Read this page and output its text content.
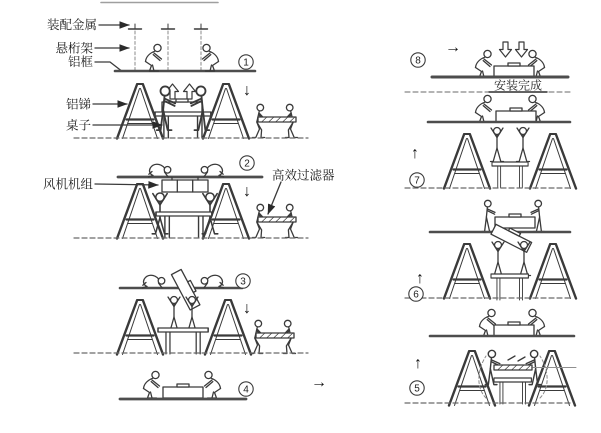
1
2
3
4	5
6
7
8
装配金属
悬桁架
铝框
铝锑
桌子
风机机组
高效过滤器
安装完成
↓
↓
↓
→
↑
↑
↑
→
